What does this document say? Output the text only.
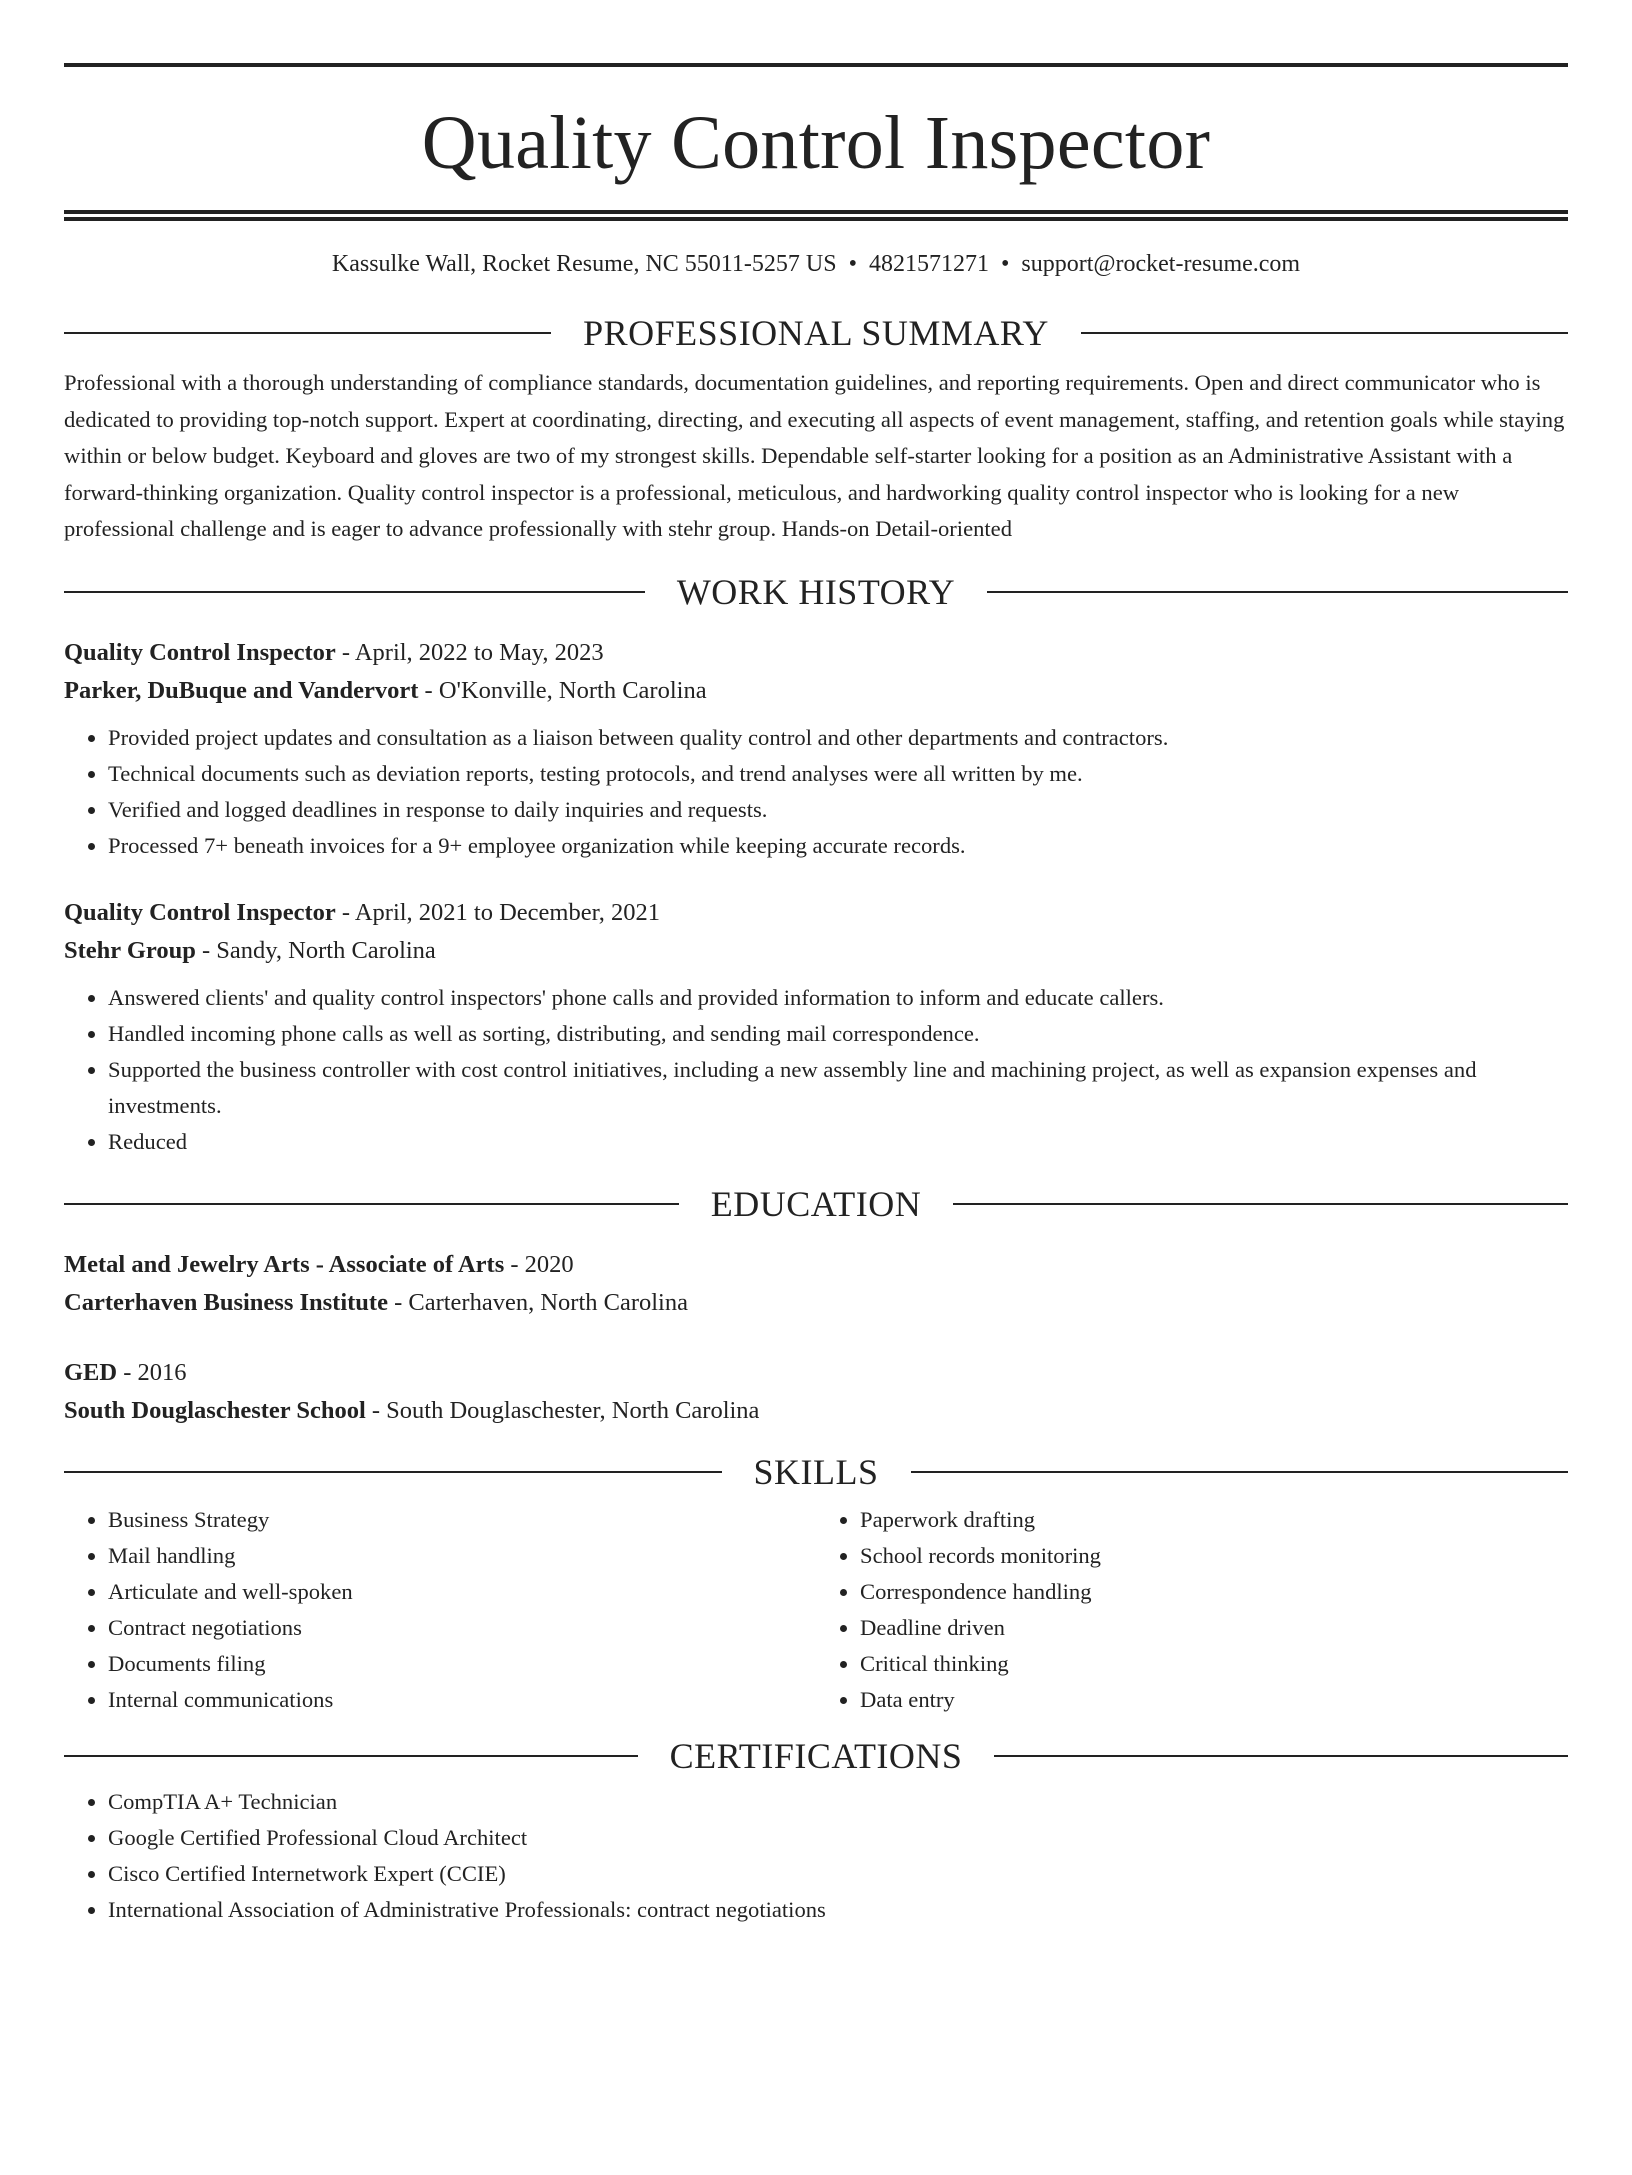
Quality Control Inspector
Kassulke Wall, Rocket Resume, NC 55011-5257 US • 4821571271 • support@rocket-resume.com
PROFESSIONAL SUMMARY

Professional with a thorough understanding of compliance standards, documentation guidelines, and reporting requirements. Open and direct communicator who is dedicated to providing top-notch support. Expert at coordinating, directing, and executing all aspects of event management, staffing, and retention goals while staying within or below budget. Keyboard and gloves are two of my strongest skills. Dependable self-starter looking for a position as an Administrative Assistant with a forward-thinking organization. Quality control inspector is a professional, meticulous, and hardworking quality control inspector who is looking for a new professional challenge and is eager to advance professionally with stehr group. Hands-on Detail-oriented

WORK HISTORY
Quality Control Inspector - April, 2022 to May, 2023
Parker, DuBuque and Vandervort - O'Konville, North Carolina
• Provided project updates and consultation as a liaison between quality control and other departments and contractors.
• Technical documents such as deviation reports, testing protocols, and trend analyses were all written by me.
• Verified and logged deadlines in response to daily inquiries and requests.
• Processed 7+ beneath invoices for a 9+ employee organization while keeping accurate records.
Quality Control Inspector - April, 2021 to December, 2021
Stehr Group - Sandy, North Carolina
• Answered clients' and quality control inspectors' phone calls and provided information to inform and educate callers.
• Handled incoming phone calls as well as sorting, distributing, and sending mail correspondence.
• Supported the business controller with cost control initiatives, including a new assembly line and machining project, as well as expansion expenses and investments.
• Reduced
EDUCATION
Metal and Jewelry Arts - Associate of Arts - 2020
Carterhaven Business Institute - Carterhaven, North Carolina
GED - 2016
South Douglaschester School - South Douglaschester, North Carolina
SKILLS
• Business Strategy
• Mail handling
• Articulate and well-spoken
• Contract negotiations
• Documents filing
• Internal communications
• Paperwork drafting
• School records monitoring
• Correspondence handling
• Deadline driven
• Critical thinking
• Data entry
CERTIFICATIONS
• CompTIA A+ Technician
• Google Certified Professional Cloud Architect
• Cisco Certified Internetwork Expert (CCIE)
• International Association of Administrative Professionals: contract negotiations
